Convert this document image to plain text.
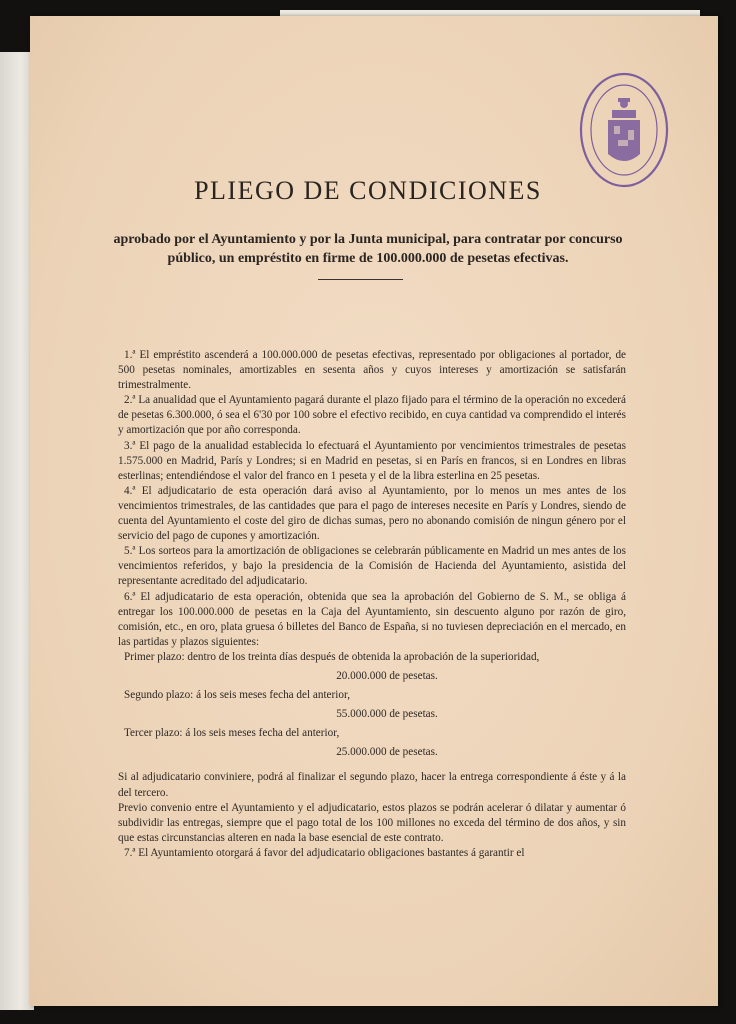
PLIEGO DE CONDICIONES

aprobado por el Ayuntamiento y por la Junta municipal, para contratar por concurso público, un empréstito en firme de 100.000.000 de pesetas efectivas.

1.ª El empréstito ascenderá a 100.000.000 de pesetas efectivas, representado por obligaciones al portador, de 500 pesetas nominales, amortizables en sesenta años y cuyos intereses y amortización se satisfarán trimestralmente.

2.ª La anualidad que el Ayuntamiento pagará durante el plazo fijado para el término de la operación no excederá de pesetas 6.300.000, ó sea el 6'30 por 100 sobre el efectivo recibido, en cuya cantidad va comprendido el interés y amortización que por año corresponda.

3.ª El pago de la anualidad establecida lo efectuará el Ayuntamiento por vencimientos trimestrales de pesetas 1.575.000 en Madrid, París y Londres; si en Madrid en pesetas, si en París en francos, si en Londres en libras esterlinas; entendiéndose el valor del franco en 1 peseta y el de la libra esterlina en 25 pesetas.

4.ª El adjudicatario de esta operación dará aviso al Ayuntamiento, por lo menos un mes antes de los vencimientos trimestrales, de las cantidades que para el pago de intereses necesite en París y Londres, siendo de cuenta del Ayuntamiento el coste del giro de dichas sumas, pero no abonando comisión de ningun género por el servicio del pago de cupones y amortización.

5.ª Los sorteos para la amortización de obligaciones se celebrarán públicamente en Madrid un mes antes de los vencimientos referidos, y bajo la presidencia de la Comisión de Hacienda del Ayuntamiento, asistida del representante acreditado del adjudicatario.

6.ª El adjudicatario de esta operación, obtenida que sea la aprobación del Gobierno de S. M., se obliga á entregar los 100.000.000 de pesetas en la Caja del Ayuntamiento, sin descuento alguno por razón de giro, comisión, etc., en oro, plata gruesa ó billetes del Banco de España, si no tuviesen depreciación en el mercado, en las partidas y plazos siguientes:

Primer plazo: dentro de los treinta días después de obtenida la aprobación de la superioridad,

20.000.000 de pesetas.

Segundo plazo: á los seis meses fecha del anterior,

55.000.000 de pesetas.

Tercer plazo: á los seis meses fecha del anterior,

25.000.000 de pesetas.

Si al adjudicatario conviniere, podrá al finalizar el segundo plazo, hacer la entrega correspondiente á éste y á la del tercero.

Previo convenio entre el Ayuntamiento y el adjudicatario, estos plazos se podrán acelerar ó dilatar y aumentar ó subdividir las entregas, siempre que el pago total de los 100 millones no exceda del término de dos años, y sin que estas circunstancias alteren en nada la base esencial de este contrato.

7.ª El Ayuntamiento otorgará á favor del adjudicatario obligaciones bastantes á garantir el
